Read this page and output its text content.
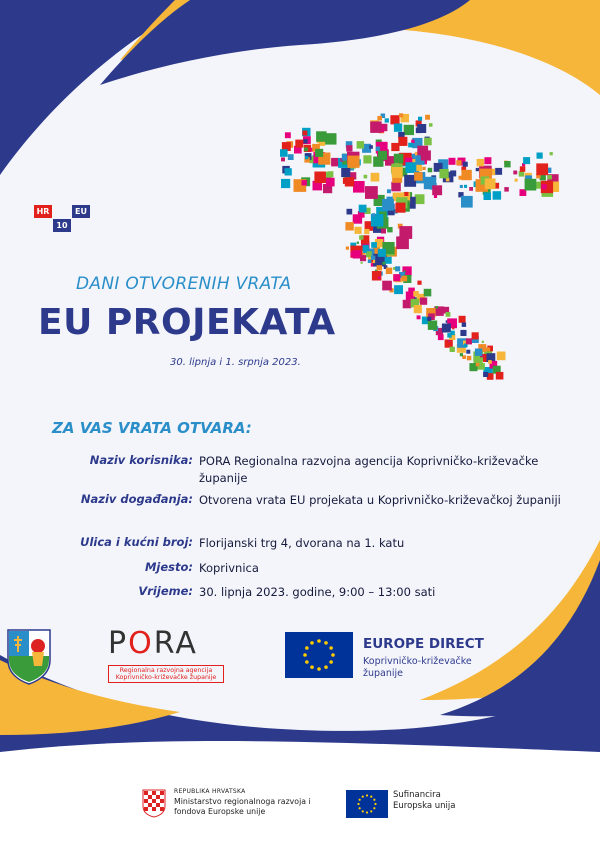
HR	EU
10
DANI OTVORENIH VRATA
EU PROJEKATA
30. lipnja i 1. srpnja 2023.
ZA VAS VRATA OTVARA:
Naziv korisnika: PORA Regionalna razvojna agencija Koprivničko-križevačke županije
Naziv događanja: Otvorena vrata EU projekata u Koprivničko-križevačkoj županiji
Ulica i kućni broj: Florijanski trg 4, dvorana na 1. katu
Mjesto: Koprivnica
Vrijeme: 30. lipnja 2023. godine, 9:00 – 13:00 sati
PORA
Regionalna razvojna agencija
Koprivničko-križevačke županije
EUROPE DIRECT
Koprivničko-križevačke županije
REPUBLIKA HRVATSKA
Ministarstvo regionalnoga razvoja i fondova Europske unije
Sufinancira Europska unija
